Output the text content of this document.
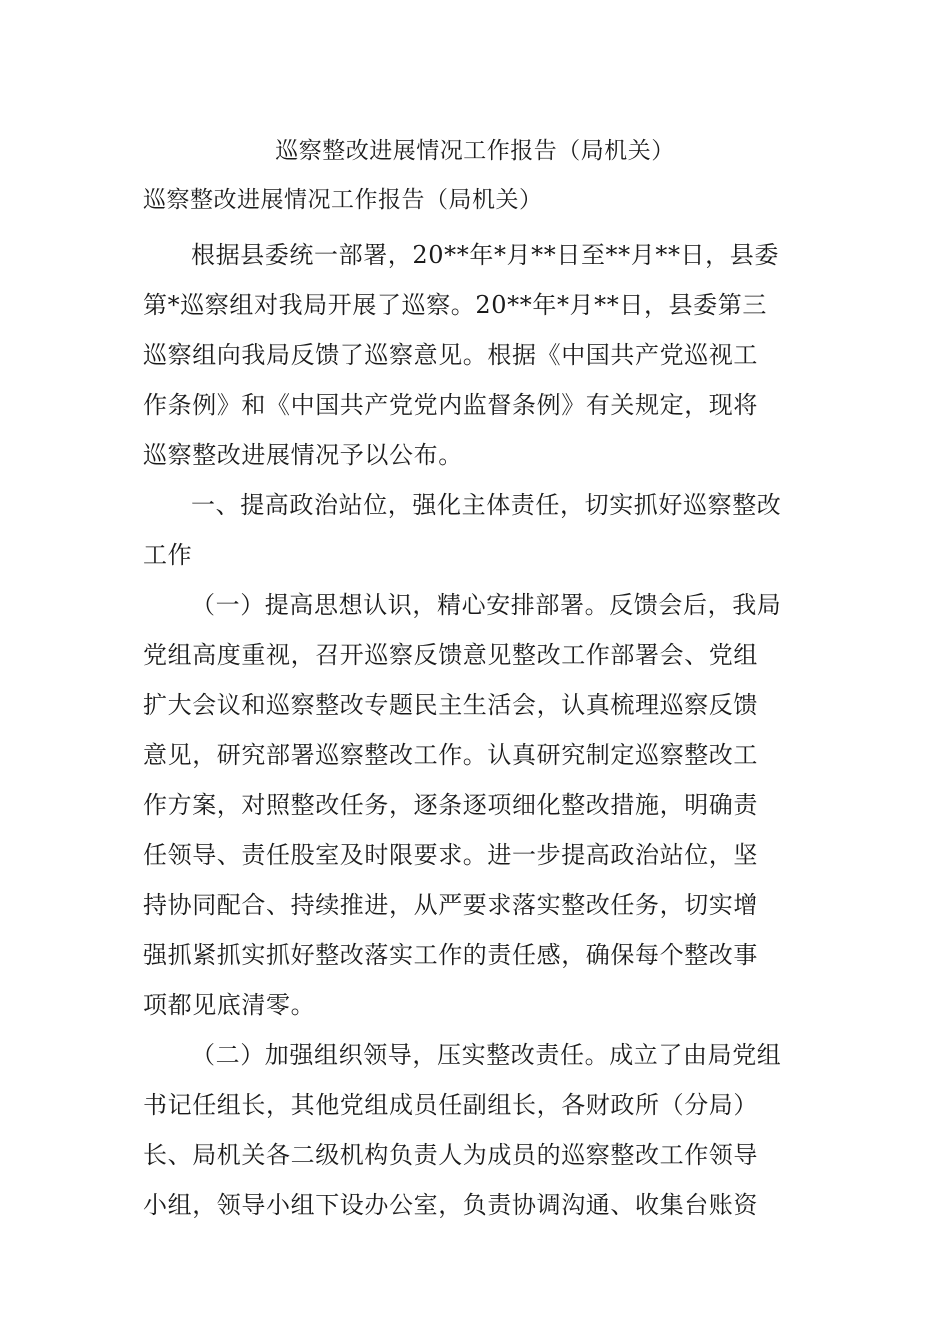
巡察整改进展情况工作报告（局机关）
巡察整改进展情况工作报告（局机关）
根据县委统一部署，20**年*月**日至**月**日，县委
第*巡察组对我局开展了巡察。20**年*月**日，县委第三
巡察组向我局反馈了巡察意见。根据《中国共产党巡视工
作条例》和《中国共产党党内监督条例》有关规定，现将
巡察整改进展情况予以公布。
一、提高政治站位，强化主体责任，切实抓好巡察整改
工作
（一）提高思想认识，精心安排部署。反馈会后，我局
党组高度重视，召开巡察反馈意见整改工作部署会、党组
扩大会议和巡察整改专题民主生活会，认真梳理巡察反馈
意见，研究部署巡察整改工作。认真研究制定巡察整改工
作方案，对照整改任务，逐条逐项细化整改措施，明确责
任领导、责任股室及时限要求。进一步提高政治站位，坚
持协同配合、持续推进，从严要求落实整改任务，切实增
强抓紧抓实抓好整改落实工作的责任感，确保每个整改事
项都见底清零。
（二）加强组织领导，压实整改责任。成立了由局党组
书记任组长，其他党组成员任副组长，各财政所（分局）
长、局机关各二级机构负责人为成员的巡察整改工作领导
小组，领导小组下设办公室，负责协调沟通、收集台账资
